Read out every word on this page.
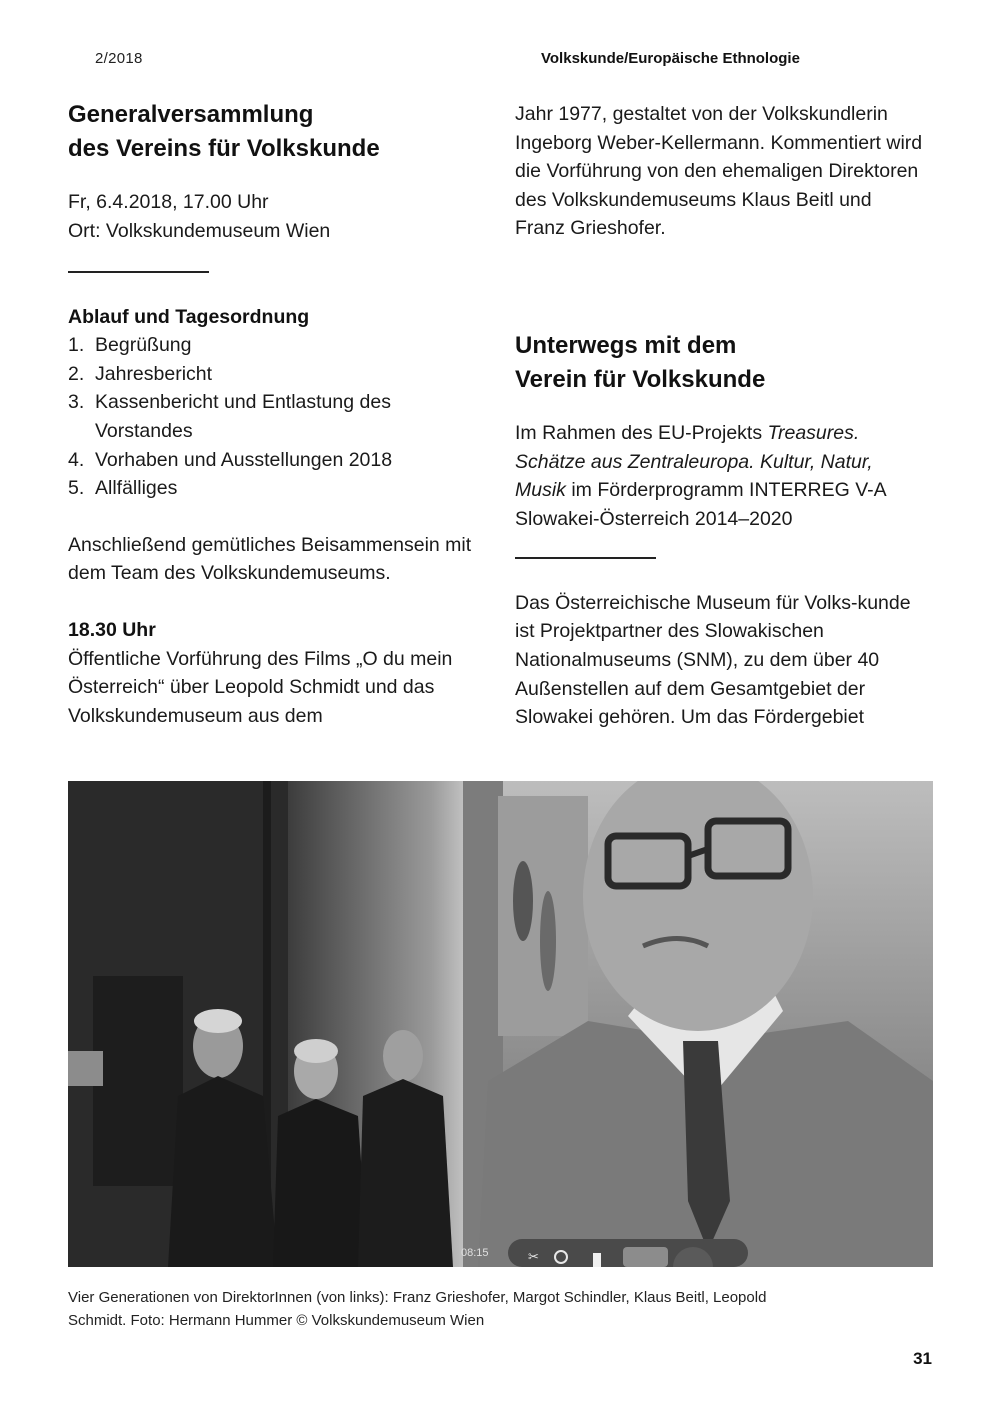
2/2018	Volkskunde/Europäische Ethnologie
Generalversammlung
des Vereins für Volkskunde

Fr, 6.4.2018, 17.00 Uhr

Ort: Volkskundemuseum Wien

Ablauf und Tagesordnung
1. Begrüßung
2. Jahresbericht
3. Kassenbericht und Entlastung des Vorstandes
4. Vorhaben und Ausstellungen 2018
5. Allfälliges

Anschließend gemütliches Beisammensein mit dem Team des Volkskundemuseums.

18.30 Uhr

Öffentliche Vorführung des Films „O du mein Österreich“ über Leopold Schmidt und das Volkskundemuseum aus dem

Jahr 1977, gestaltet von der Volkskundlerin Ingeborg Weber-Kellermann. Kommentiert wird die Vorführung von den ehemaligen Direktoren des Volkskundemuseums Klaus Beitl und Franz Grieshofer.

Unterwegs mit dem
Verein für Volkskunde

Im Rahmen des EU-Projekts Treasures. Schätze aus Zentraleuropa. Kultur, Natur, Musik im Förderprogramm INTERREG V-A Slowakei-Österreich 2014–2020

Das Österreichische Museum für Volks-kunde ist Projektpartner des Slowakischen Nationalmuseums (SNM), zu dem über 40 Außenstellen auf dem Gesamtgebiet der Slowakei gehören. Um das Fördergebiet

08:15	✂
Vier Generationen von DirektorInnen (von links): Franz Grieshofer, Margot Schindler, Klaus Beitl, Leopold Schmidt. Foto: Hermann Hummer © Volkskundemuseum Wien
31
